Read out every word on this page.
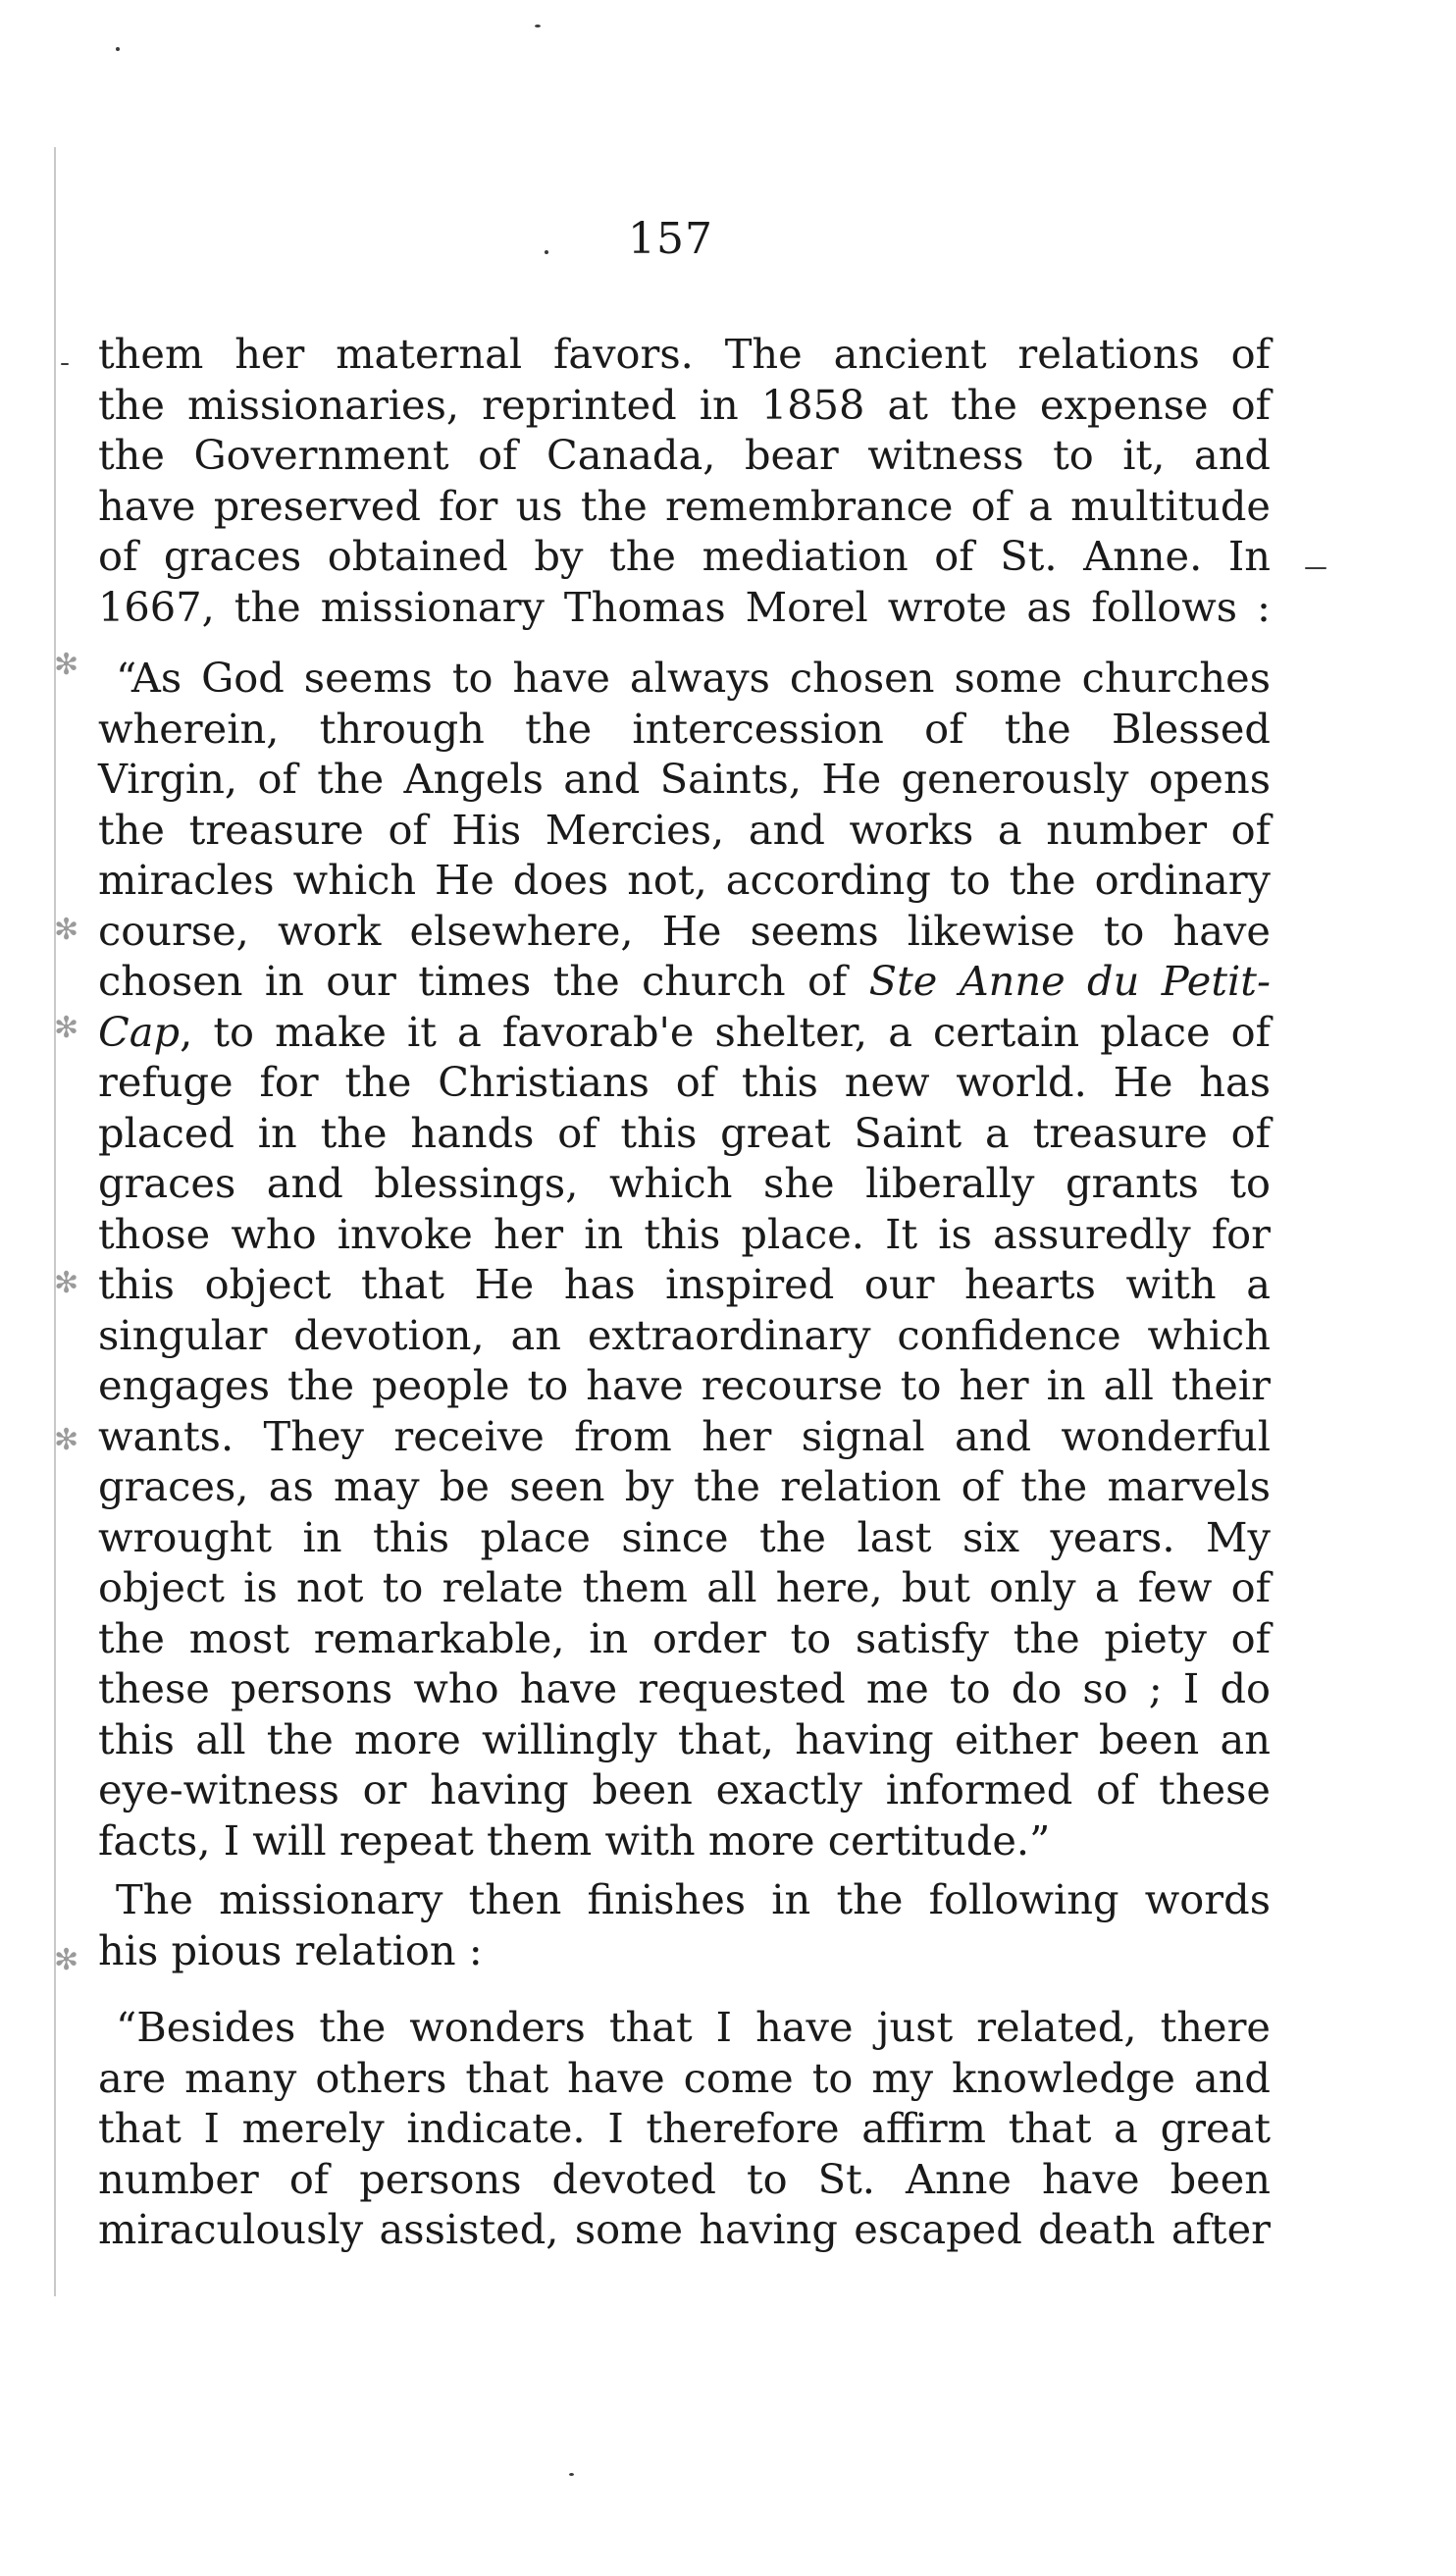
157
them her maternal favors. The ancient relations of
the missionaries, reprinted in 1858 at the expense of
the Government of Canada, bear witness to it, and
have preserved for us the remembrance of a multitude
of graces obtained by the mediation of St. Anne. In
1667, the missionary Thomas Morel wrote as follows :
“As God seems to have always chosen some churches
wherein, through the intercession of the Blessed
Virgin, of the Angels and Saints, He generously opens
the treasure of His Mercies, and works a number of
miracles which He does not, according to the ordinary
course, work elsewhere, He seems likewise to have
chosen in our times the church of Ste Anne du Petit-
Cap, to make it a favorab'e shelter, a certain place of
refuge for the Christians of this new world. He has
placed in the hands of this great Saint a treasure of
graces and blessings, which she liberally grants to
those who invoke her in this place. It is assuredly for
this object that He has inspired our hearts with a
singular devotion, an extraordinary confidence which
engages the people to have recourse to her in all their
wants. They receive from her signal and wonderful
graces, as may be seen by the relation of the marvels
wrought in this place since the last six years. My
object is not to relate them all here, but only a few of
the most remarkable, in order to satisfy the piety of
these persons who have requested me to do so ; I do
this all the more willingly that, having either been an
eye-witness or having been exactly informed of these
facts, I will repeat them with more certitude.”
The missionary then finishes in the following words
his pious relation :
“Besides the wonders that I have just related, there
are many others that have come to my knowledge and
that I merely indicate. I therefore affirm that a great
number of persons devoted to St. Anne have been
miraculously assisted, some having escaped death after
✻
✻
✻
✻
✻
✻
